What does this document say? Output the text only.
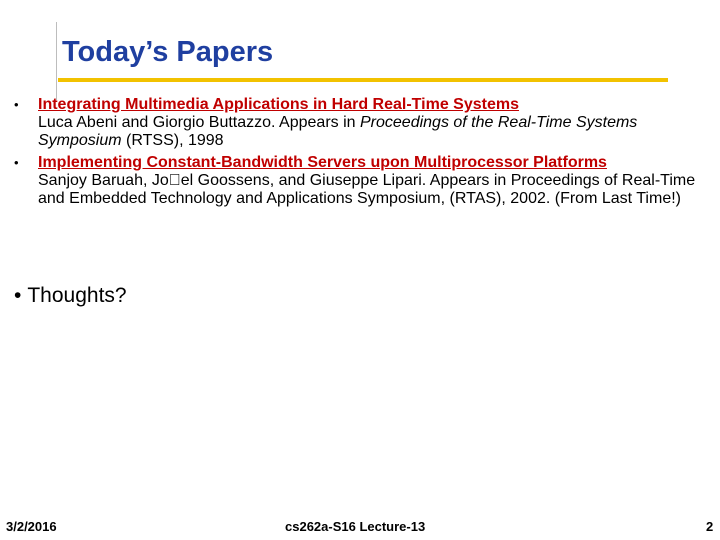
Today’s Papers
• Integrating Multimedia Applications in Hard Real-Time Systems
Luca Abeni and Giorgio Buttazzo. Appears in Proceedings of the Real-Time Systems Symposium (RTSS), 1998
• Implementing Constant-Bandwidth Servers upon Multiprocessor Platforms
Sanjoy Baruah, Jo el Goossens, and Giuseppe Lipari. Appears in Proceedings of Real-Time and Embedded Technology and Applications Symposium, (RTAS), 2002. (From Last Time!)
• Thoughts?
3/2/2016	cs262a-S16 Lecture-13	2
